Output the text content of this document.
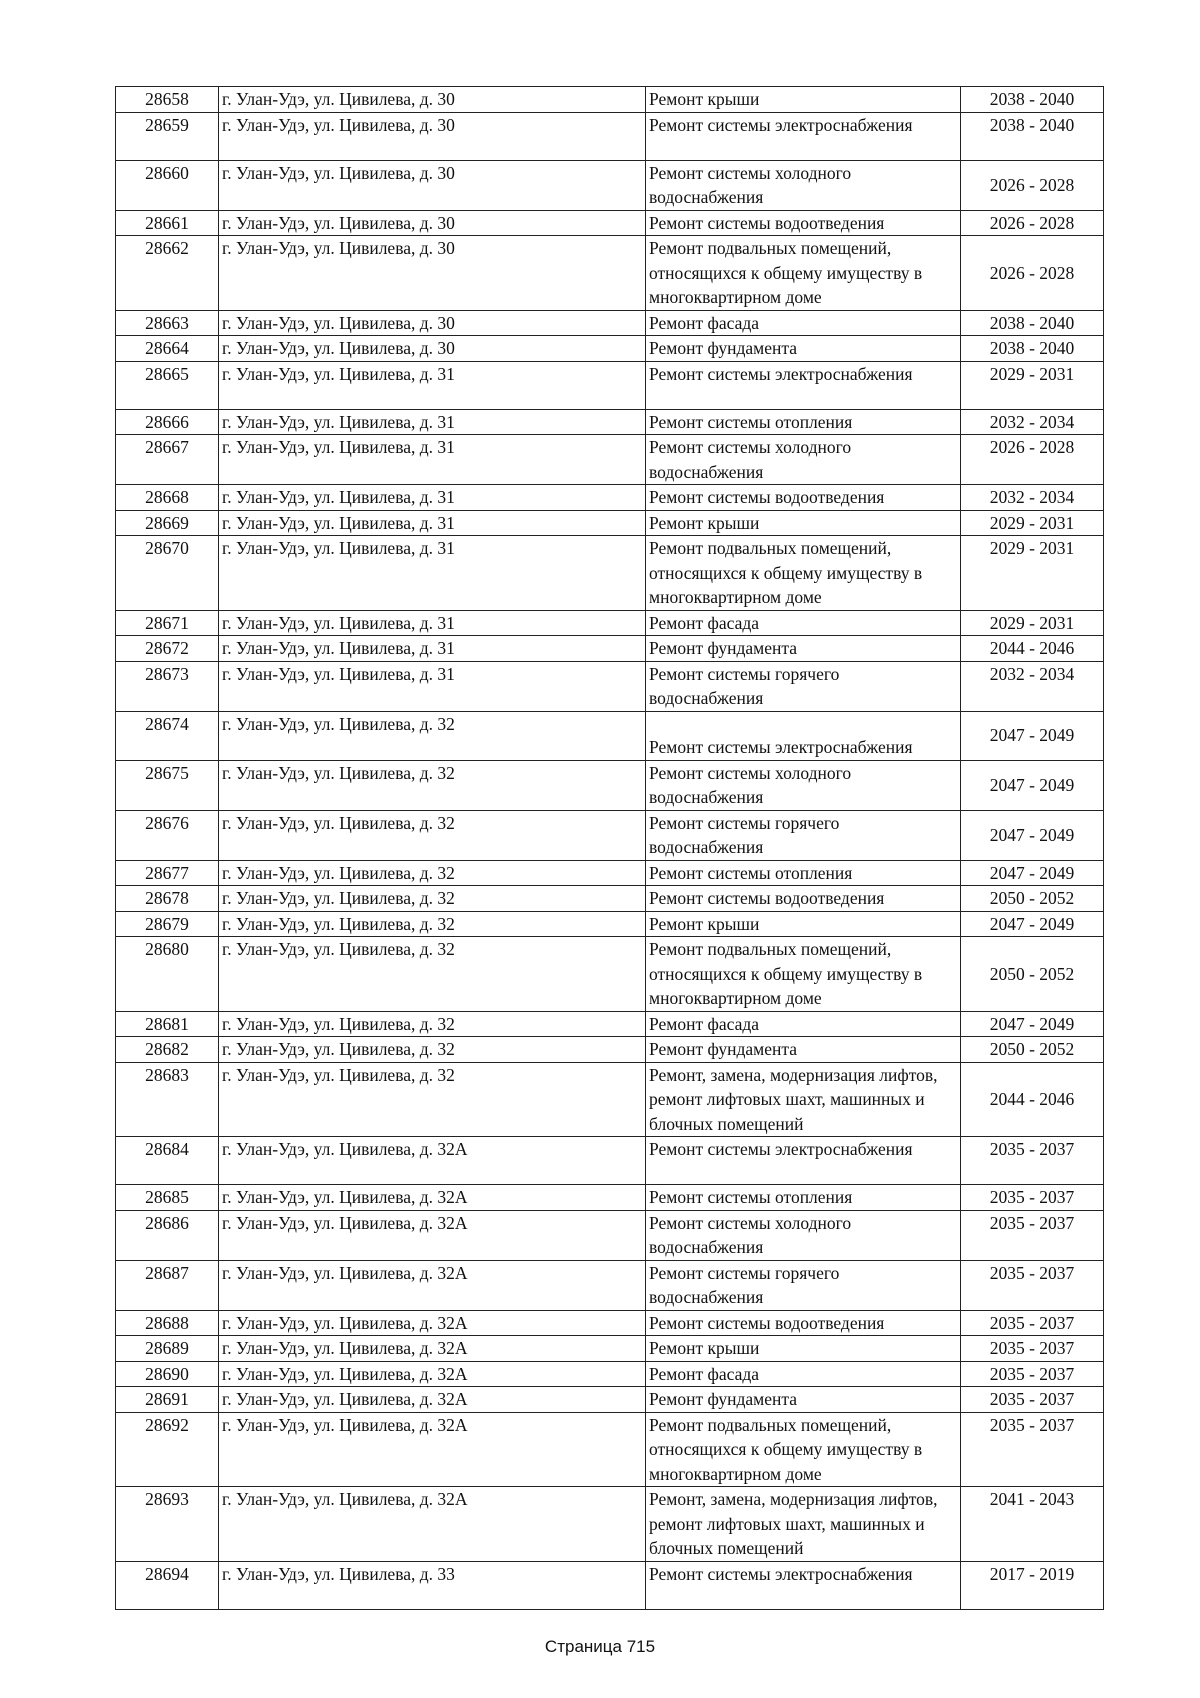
28658	г. Улан-Удэ, ул. Цивилева, д. 30	Ремонт крыши	2038 - 2040
28659	г. Улан-Удэ, ул. Цивилева, д. 30	Ремонт системы электроснабжения	2038 - 2040
28660	г. Улан-Удэ, ул. Цивилева, д. 30	Ремонт системы холодного водоснабжения	2026 - 2028
28661	г. Улан-Удэ, ул. Цивилева, д. 30	Ремонт системы водоотведения	2026 - 2028
28662	г. Улан-Удэ, ул. Цивилева, д. 30	Ремонт подвальных помещений, относящихся к общему имуществу в многоквартирном доме	2026 - 2028
28663	г. Улан-Удэ, ул. Цивилева, д. 30	Ремонт фасада	2038 - 2040
28664	г. Улан-Удэ, ул. Цивилева, д. 30	Ремонт фундамента	2038 - 2040
28665	г. Улан-Удэ, ул. Цивилева, д. 31	Ремонт системы электроснабжения	2029 - 2031
28666	г. Улан-Удэ, ул. Цивилева, д. 31	Ремонт системы отопления	2032 - 2034
28667	г. Улан-Удэ, ул. Цивилева, д. 31	Ремонт системы холодного водоснабжения	2026 - 2028
28668	г. Улан-Удэ, ул. Цивилева, д. 31	Ремонт системы водоотведения	2032 - 2034
28669	г. Улан-Удэ, ул. Цивилева, д. 31	Ремонт крыши	2029 - 2031
28670	г. Улан-Удэ, ул. Цивилева, д. 31	Ремонт подвальных помещений, относящихся к общему имуществу в многоквартирном доме	2029 - 2031
28671	г. Улан-Удэ, ул. Цивилева, д. 31	Ремонт фасада	2029 - 2031
28672	г. Улан-Удэ, ул. Цивилева, д. 31	Ремонт фундамента	2044 - 2046
28673	г. Улан-Удэ, ул. Цивилева, д. 31	Ремонт системы горячего водоснабжения	2032 - 2034
28674	г. Улан-Удэ, ул. Цивилева, д. 32	Ремонт системы электроснабжения	2047 - 2049
28675	г. Улан-Удэ, ул. Цивилева, д. 32	Ремонт системы холодного водоснабжения	2047 - 2049
28676	г. Улан-Удэ, ул. Цивилева, д. 32	Ремонт системы горячего водоснабжения	2047 - 2049
28677	г. Улан-Удэ, ул. Цивилева, д. 32	Ремонт системы отопления	2047 - 2049
28678	г. Улан-Удэ, ул. Цивилева, д. 32	Ремонт системы водоотведения	2050 - 2052
28679	г. Улан-Удэ, ул. Цивилева, д. 32	Ремонт крыши	2047 - 2049
28680	г. Улан-Удэ, ул. Цивилева, д. 32	Ремонт подвальных помещений, относящихся к общему имуществу в многоквартирном доме	2050 - 2052
28681	г. Улан-Удэ, ул. Цивилева, д. 32	Ремонт фасада	2047 - 2049
28682	г. Улан-Удэ, ул. Цивилева, д. 32	Ремонт фундамента	2050 - 2052
28683	г. Улан-Удэ, ул. Цивилева, д. 32	Ремонт, замена, модернизация лифтов, ремонт лифтовых шахт, машинных и блочных помещений	2044 - 2046
28684	г. Улан-Удэ, ул. Цивилева, д. 32А	Ремонт системы электроснабжения	2035 - 2037
28685	г. Улан-Удэ, ул. Цивилева, д. 32А	Ремонт системы отопления	2035 - 2037
28686	г. Улан-Удэ, ул. Цивилева, д. 32А	Ремонт системы холодного водоснабжения	2035 - 2037
28687	г. Улан-Удэ, ул. Цивилева, д. 32А	Ремонт системы горячего водоснабжения	2035 - 2037
28688	г. Улан-Удэ, ул. Цивилева, д. 32А	Ремонт системы водоотведения	2035 - 2037
28689	г. Улан-Удэ, ул. Цивилева, д. 32А	Ремонт крыши	2035 - 2037
28690	г. Улан-Удэ, ул. Цивилева, д. 32А	Ремонт фасада	2035 - 2037
28691	г. Улан-Удэ, ул. Цивилева, д. 32А	Ремонт фундамента	2035 - 2037
28692	г. Улан-Удэ, ул. Цивилева, д. 32А	Ремонт подвальных помещений, относящихся к общему имуществу в многоквартирном доме	2035 - 2037
28693	г. Улан-Удэ, ул. Цивилева, д. 32А	Ремонт, замена, модернизация лифтов, ремонт лифтовых шахт, машинных и блочных помещений	2041 - 2043
28694	г. Улан-Удэ, ул. Цивилева, д. 33	Ремонт системы электроснабжения	2017 - 2019
Страница 715
